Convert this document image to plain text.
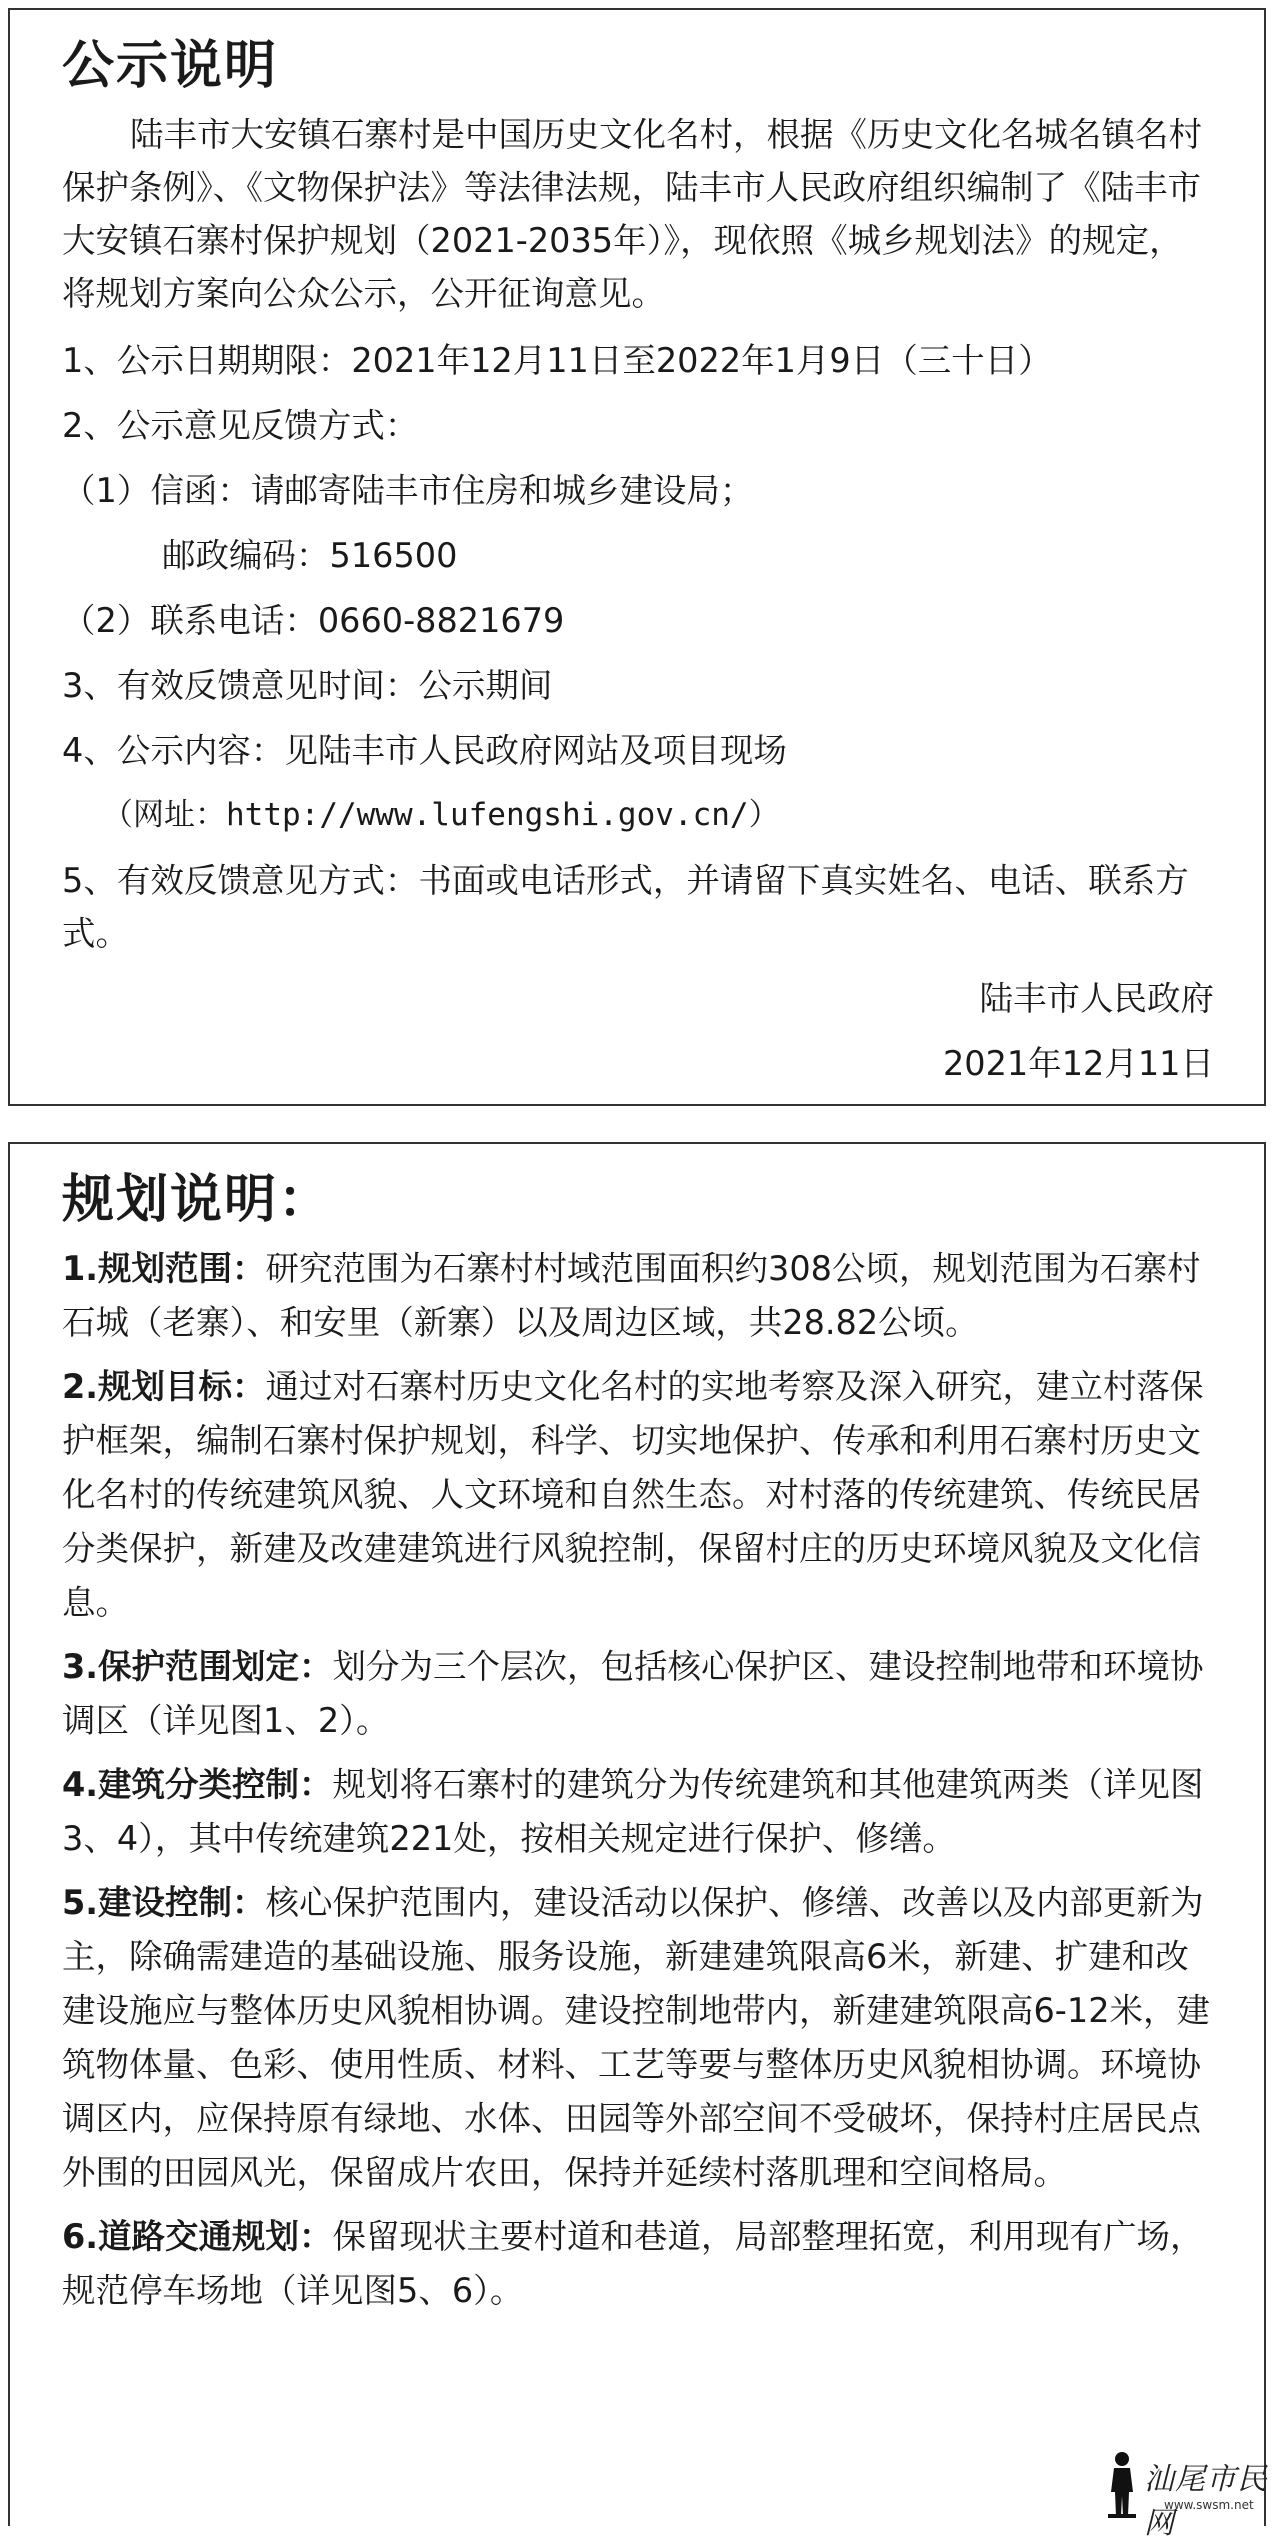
公示说明

陆丰市大安镇石寨村是中国历史文化名村，根据《历史文化名城名镇名村保护条例》、《文物保护法》等法律法规，陆丰市人民政府组织编制了《陆丰市大安镇石寨村保护规划（2021-2035年）》，现依照《城乡规划法》的规定，将规划方案向公众公示，公开征询意见。

1、公示日期期限：2021年12月11日至2022年1月9日（三十日）

2、公示意见反馈方式：

（1）信函：请邮寄陆丰市住房和城乡建设局；

邮政编码：516500

（2）联系电话：0660-8821679

3、有效反馈意见时间：公示期间

4、公示内容：见陆丰市人民政府网站及项目现场

（网址：http://www.lufengshi.gov.cn/）

5、有效反馈意见方式：书面或电话形式，并请留下真实姓名、电话、联系方式。

陆丰市人民政府

2021年12月11日

规划说明：

1.规划范围：研究范围为石寨村村域范围面积约308公顷，规划范围为石寨村石城（老寨）、和安里（新寨）以及周边区域，共28.82公顷。

2.规划目标：通过对石寨村历史文化名村的实地考察及深入研究，建立村落保护框架，编制石寨村保护规划，科学、切实地保护、传承和利用石寨村历史文化名村的传统建筑风貌、人文环境和自然生态。对村落的传统建筑、传统民居分类保护，新建及改建建筑进行风貌控制，保留村庄的历史环境风貌及文化信息。

3.保护范围划定：划分为三个层次，包括核心保护区、建设控制地带和环境协调区（详见图1、2）。

4.建筑分类控制：规划将石寨村的建筑分为传统建筑和其他建筑两类（详见图3、4），其中传统建筑221处，按相关规定进行保护、修缮。

5.建设控制：核心保护范围内，建设活动以保护、修缮、改善以及内部更新为主，除确需建造的基础设施、服务设施，新建建筑限高6米，新建、扩建和改建设施应与整体历史风貌相协调。建设控制地带内，新建建筑限高6-12米，建筑物体量、色彩、使用性质、材料、工艺等要与整体历史风貌相协调。环境协调区内，应保持原有绿地、水体、田园等外部空间不受破坏，保持村庄居民点外围的田园风光，保留成片农田，保持并延续村落肌理和空间格局。

6.道路交通规划：保留现状主要村道和巷道，局部整理拓宽，利用现有广场，规范停车场地（详见图5、6）。

汕尾市民网
www.swsm.net
